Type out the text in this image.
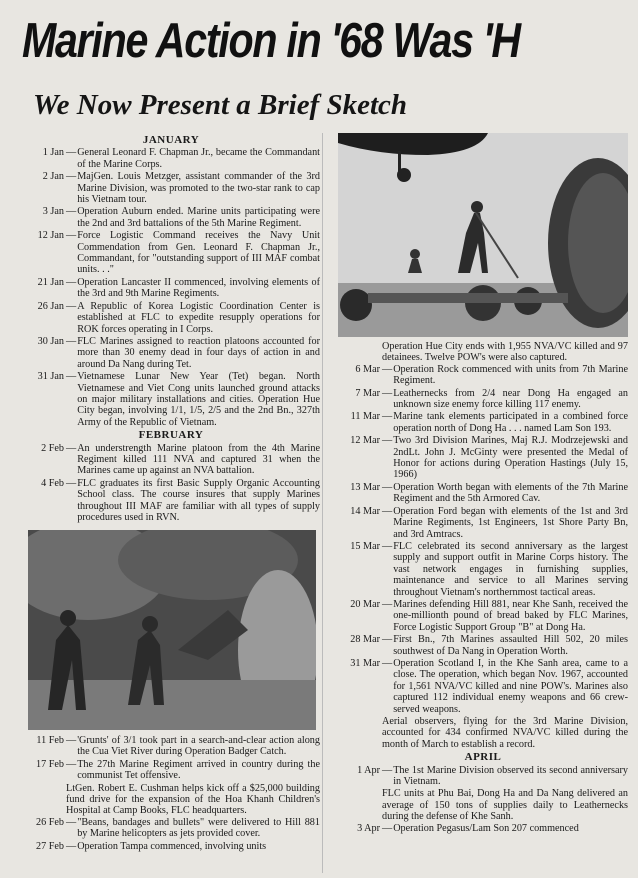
Marine Action in '68 Was 'H
We Now Present a Brief Sketch
JANUARY
1 Jan — General Leonard F. Chapman Jr., became the Commandant of the Marine Corps.
2 Jan — MajGen. Louis Metzger, assistant commander of the 3rd Marine Division, was promoted to the two-star rank to cap his Vietnam tour.
3 Jan — Operation Auburn ended. Marine units participating were the 2nd and 3rd battalions of the 5th Marine Regiment.
12 Jan — Force Logistic Command receives the Navy Unit Commendation from Gen. Leonard F. Chapman Jr., Commandant, for "outstanding support of III MAF combat units. . ."
21 Jan — Operation Lancaster II commenced, involving elements of the 3rd and 9th Marine Regiments.
26 Jan — A Republic of Korea Logistic Coordination Center is established at FLC to expedite resupply operations for ROK forces operating in I Corps.
30 Jan — FLC Marines assigned to reaction platoons accounted for more than 30 enemy dead in four days of action in and around Da Nang during Tet.
31 Jan — Vietnamese Lunar New Year (Tet) began. North Vietnamese and Viet Cong units launched ground attacks on major military installations and cities. Operation Hue City began, involving 1/1, 1/5, 2/5 and the 2nd Bn., 327th Army of the Republic of Vietnam.
FEBRUARY
2 Feb — An understrength Marine platoon from the 4th Marine Regiment killed 111 NVA and captured 31 when the Marines came up against an NVA battalion.
4 Feb — FLC graduates its first Basic Supply Organic Accounting School class. The course insures that supply Marines throughout III MAF are familiar with all types of supply procedures used in RVN.
11 Feb — 'Grunts' of 3/1 took part in a search-and-clear action along the Cua Viet River during Operation Badger Catch.
17 Feb — The 27th Marine Regiment arrived in country during the communist Tet offensive.
LtGen. Robert E. Cushman helps kick off a $25,000 building fund drive for the expansion of the Hoa Khanh Children's Hospital at Camp Books, FLC headquarters.
26 Feb — "Beans, bandages and bullets" were delivered to Hill 881 by Marine helicopters as jets provided cover.
27 Feb — Operation Tampa commenced, involving units
Operation Hue City ends with 1,955 NVA/VC killed and 97 detainees. Twelve POW's were also captured.
6 Mar — Operation Rock commenced with units from 7th Marine Regiment.
7 Mar — Leathernecks from 2/4 near Dong Ha engaged an unknown size enemy force killing 117 enemy.
11 Mar — Marine tank elements participated in a combined force operation north of Dong Ha . . . named Lam Son 193.
12 Mar — Two 3rd Division Marines, Maj R.J. Modrzejewski and 2ndLt. John J. McGinty were presented the Medal of Honor for actions during Operation Hastings (July 15, 1966)
13 Mar — Operation Worth began with elements of the 7th Marine Regiment and the 5th Armored Cav.
14 Mar — Operation Ford began with elements of the 1st and 3rd Marine Regiments, 1st Engineers, 1st Shore Party Bn, and 3rd Amtracs.
15 Mar — FLC celebrated its second anniversary as the largest supply and support outfit in Marine Corps history. The vast network engages in furnishing supplies, maintenance and service to all Marines serving throughout Vietnam's northernmost tactical areas.
20 Mar — Marines defending Hill 881, near Khe Sanh, received the one-millionth pound of bread baked by FLC Marines, Force Logistic Support Group "B" at Dong Ha.
28 Mar — First Bn., 7th Marines assaulted Hill 502, 20 miles southwest of Da Nang in Operation Worth.
31 Mar — Operation Scotland I, in the Khe Sanh area, came to a close. The operation, which began Nov. 1967, accounted for 1,561 NVA/VC killed and nine POW's. Marines also captured 112 individual enemy weapons and 66 crew-served weapons.
Aerial observers, flying for the 3rd Marine Division, accounted for 434 confirmed NVA/VC killed during the month of March to establish a record.
APRIL
1 Apr — The 1st Marine Division observed its second anniversary in Vietnam.
FLC units at Phu Bai, Dong Ha and Da Nang delivered an average of 150 tons of supplies daily to Leathernecks during the defense of Khe Sanh.
3 Apr — Operation Pegasus/Lam Son 207 commenced
